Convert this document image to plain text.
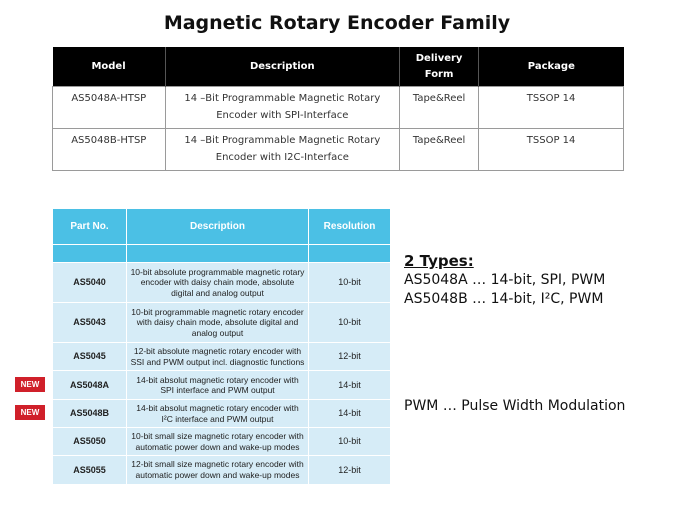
Magnetic Rotary Encoder Family
Model	Description	Delivery Form	Package
AS5048A-HTSP	14 –Bit Programmable Magnetic Rotary Encoder with SPI-Interface	Tape&Reel	TSSOP 14
AS5048B-HTSP	14 –Bit Programmable Magnetic Rotary Encoder with I2C-Interface	Tape&Reel	TSSOP 14
Part No.	Description	Resolution

AS5040	10-bit absolute programmable magnetic rotary encoder with daisy chain mode, absolute digital and analog output	10-bit
AS5043	10-bit programmable magnetic rotary encoder with daisy chain mode, absolute digital and analog output	10-bit
AS5045	12-bit absolute magnetic rotary encoder with SSI and PWM output incl. diagnostic functions	12-bit
AS5048A	14-bit absolut magnetic rotary encoder with SPI interface and PWM output	14-bit
AS5048B	14-bit absolut magnetic rotary encoder with I²C interface and PWM output	14-bit
AS5050	10-bit small size magnetic rotary encoder with automatic power down and wake-up modes	10-bit
AS5055	12-bit small size magnetic rotary encoder with automatic power down and wake-up modes	12-bit
NEW
NEW
2 Types:
AS5048A … 14-bit, SPI, PWM
AS5048B … 14-bit, I²C, PWM
PWM … Pulse Width Modulation
